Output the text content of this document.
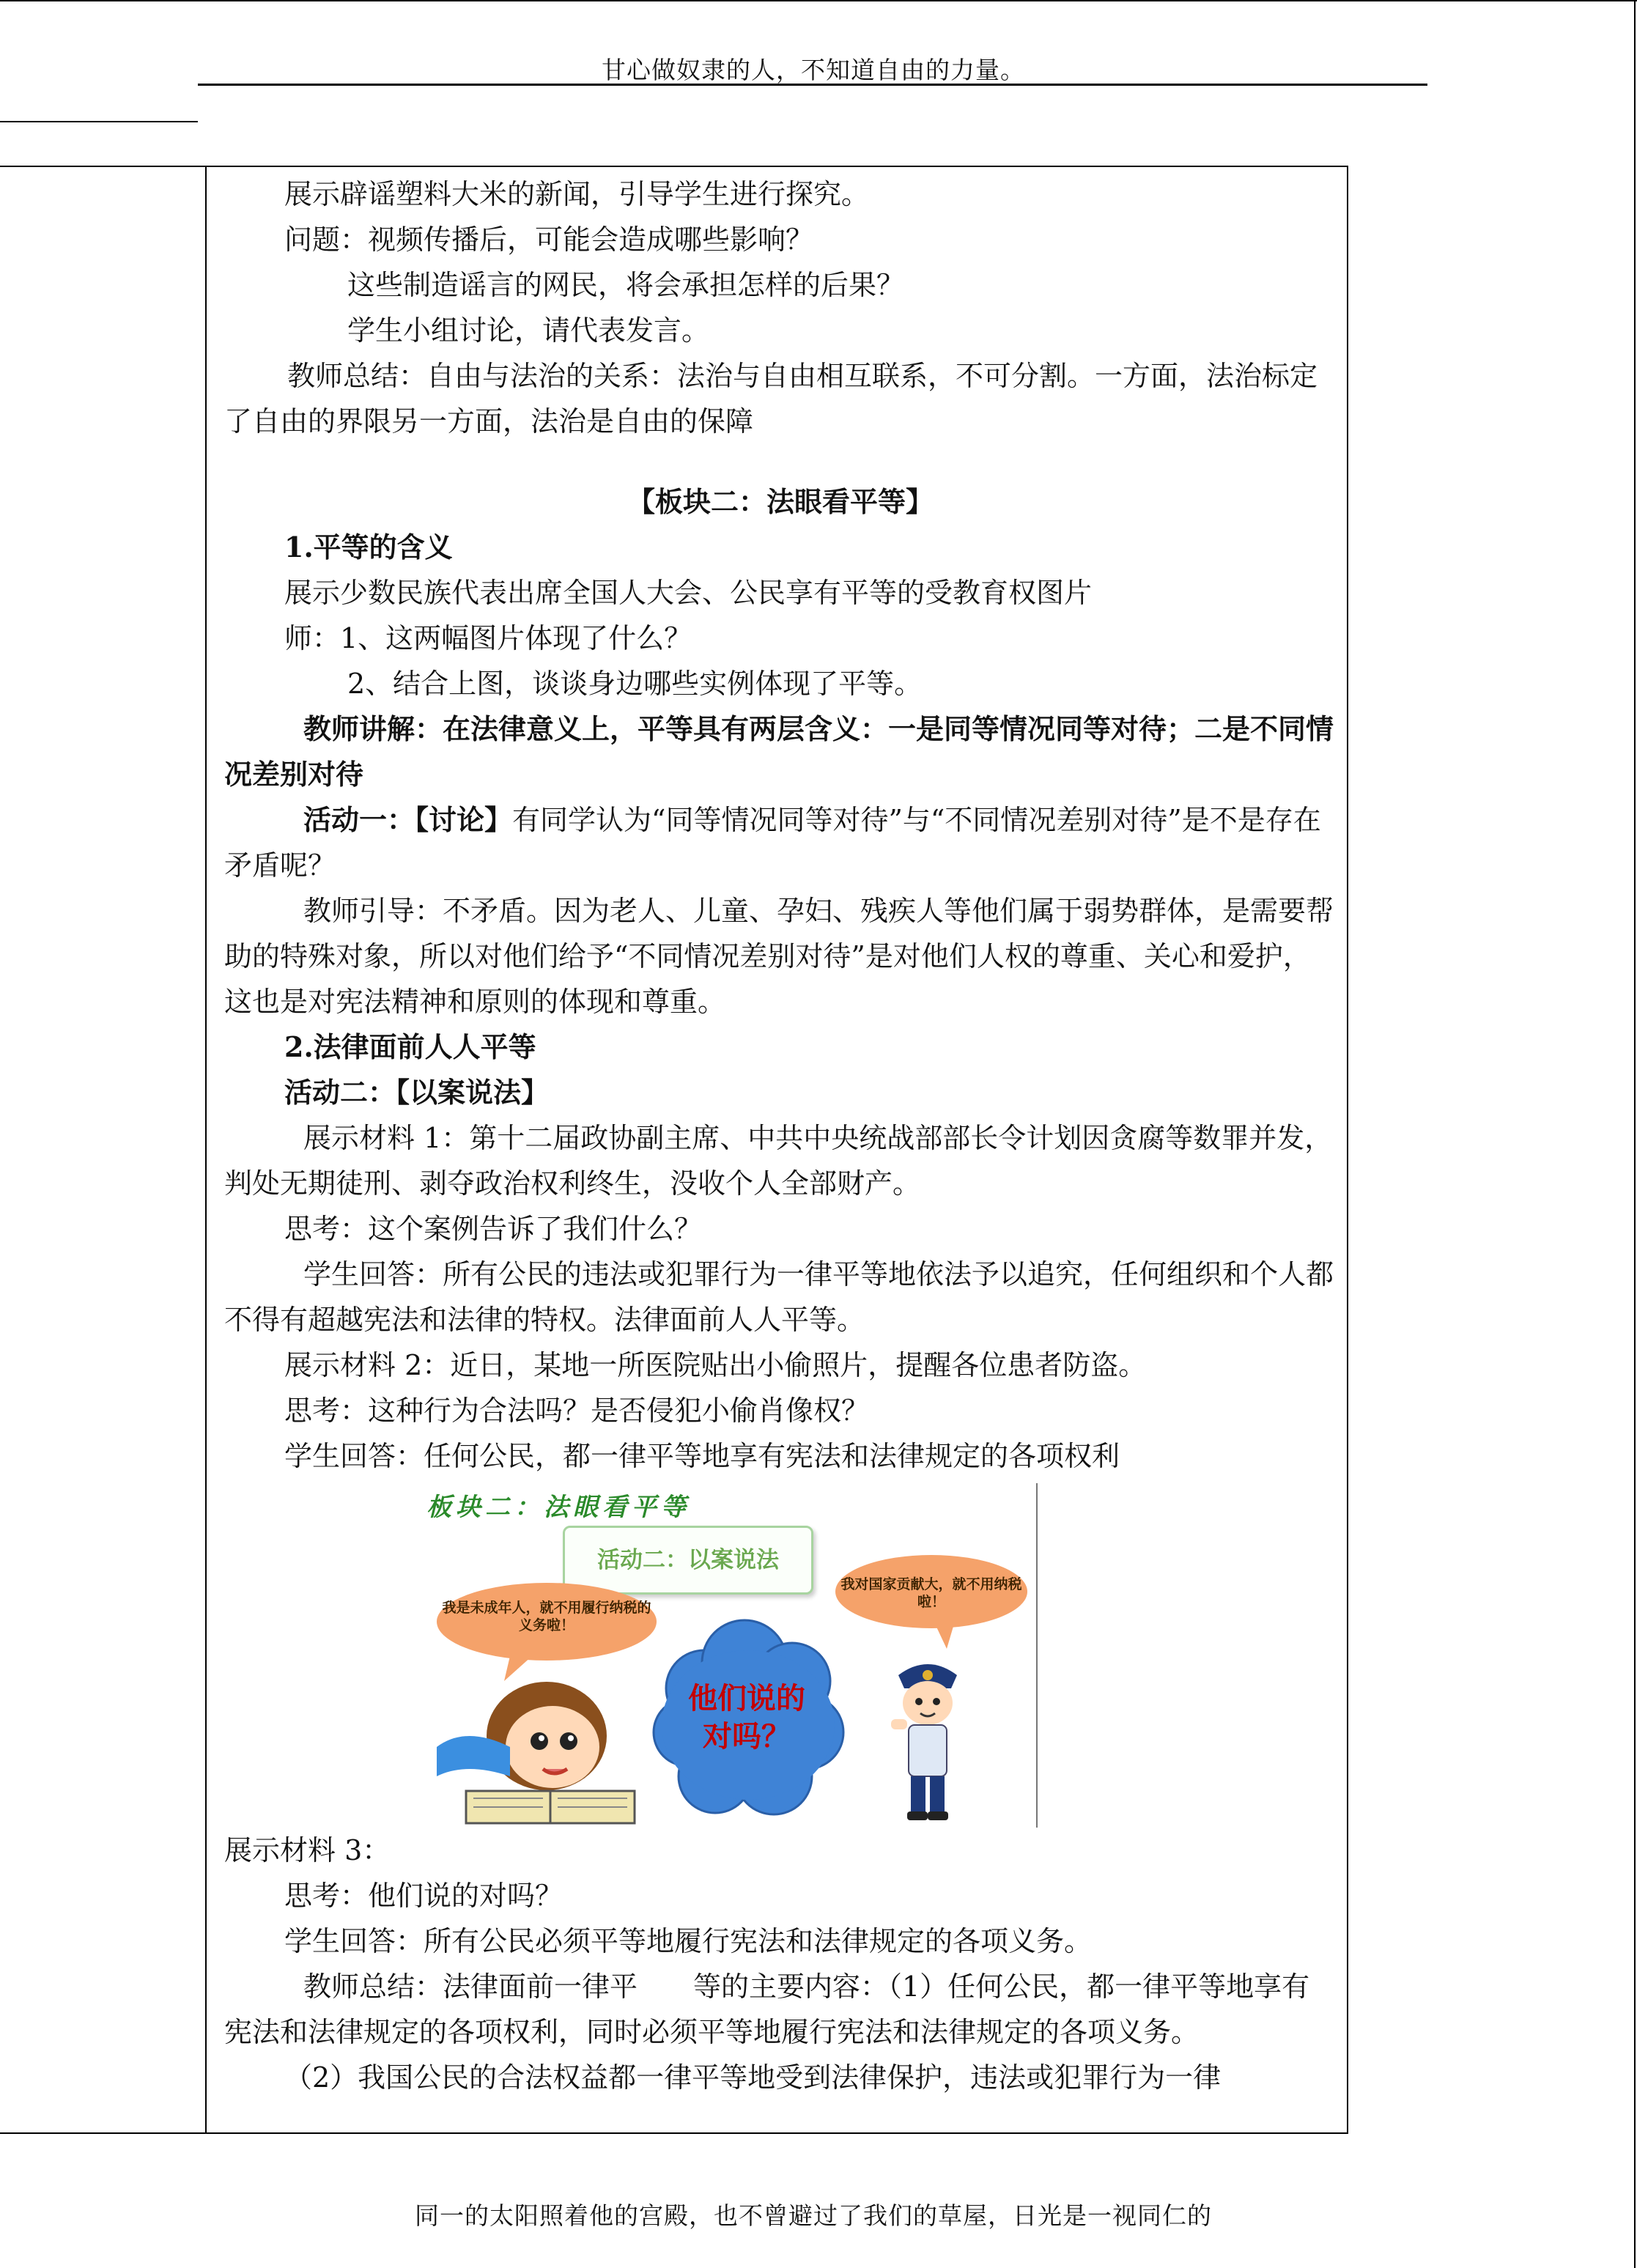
甘心做奴隶的人，不知道自由的力量。

展示辟谣塑料大米的新闻，引导学生进行探究。

问题：视频传播后，可能会造成哪些影响？

这些制造谣言的网民，将会承担怎样的后果？

学生小组讨论，请代表发言。

教师总结：自由与法治的关系：法治与自由相互联系，不可分割。一方面，法治标定了自由的界限另一方面，法治是自由的保障

【板块二：法眼看平等】

1.平等的含义

展示少数民族代表出席全国人大会、公民享有平等的受教育权图片

师：1、这两幅图片体现了什么？

2、结合上图，谈谈身边哪些实例体现了平等。

教师讲解：在法律意义上，平等具有两层含义：一是同等情况同等对待；二是不同情况差别对待

活动一：【讨论】有同学认为“同等情况同等对待”与“不同情况差别对待”是不是存在矛盾呢？

教师引导：不矛盾。因为老人、儿童、孕妇、残疾人等他们属于弱势群体，是需要帮助的特殊对象，所以对他们给予“不同情况差别对待”是对他们人权的尊重、关心和爱护，这也是对宪法精神和原则的体现和尊重。

2.法律面前人人平等

活动二：【以案说法】

展示材料 1：第十二届政协副主席、中共中央统战部部长令计划因贪腐等数罪并发，判处无期徒刑、剥夺政治权利终生，没收个人全部财产。

思考：这个案例告诉了我们什么？

学生回答：所有公民的违法或犯罪行为一律平等地依法予以追究，任何组织和个人都不得有超越宪法和法律的特权。法律面前人人平等。

展示材料 2：近日，某地一所医院贴出小偷照片，提醒各位患者防盗。

思考：这种行为合法吗？是否侵犯小偷肖像权？

学生回答：任何公民，都一律平等地享有宪法和法律规定的各项权利

板块二：法眼看平等
活动二：以案说法
我是未成年人，就不用履行纳税的义务啦！
我对国家贡献大，就不用纳税啦！
他们说的对吗？

展示材料 3：

思考：他们说的对吗？

学生回答：所有公民必须平等地履行宪法和法律规定的各项义务。

教师总结：法律面前一律平　　等的主要内容：（1）任何公民，都一律平等地享有宪法和法律规定的各项权利，同时必须平等地履行宪法和法律规定的各项义务。

（2）我国公民的合法权益都一律平等地受到法律保护，违法或犯罪行为一律

同一的太阳照着他的宫殿，也不曾避过了我们的草屋，日光是一视同仁的
